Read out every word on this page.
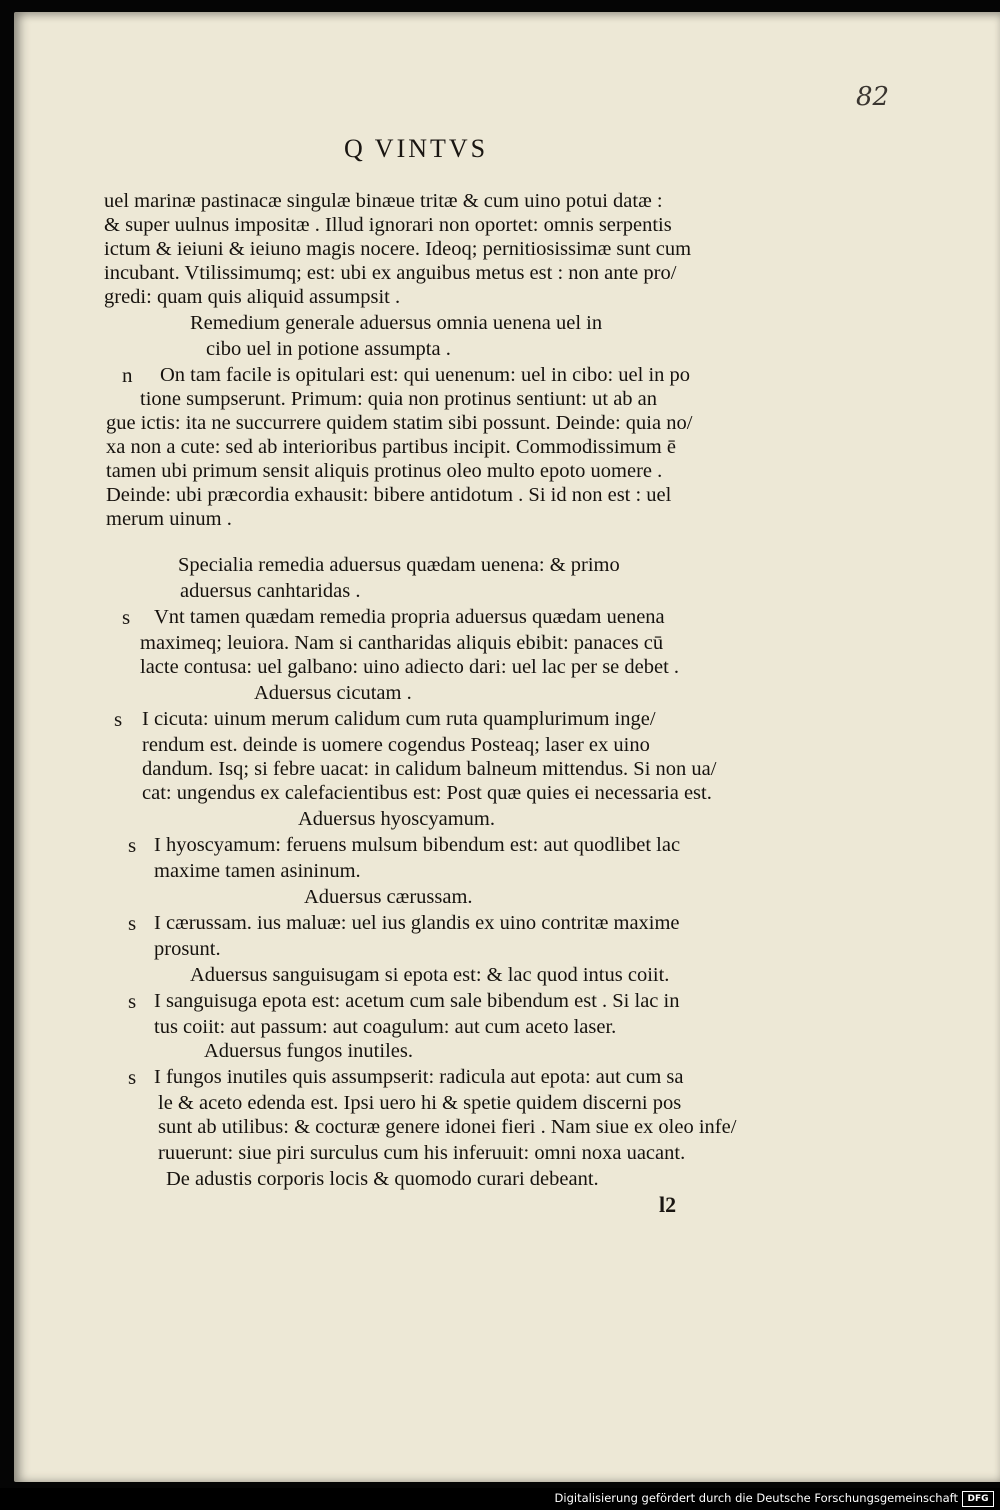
82
Q VINTVS
uel marinæ pastinacæ singulæ binæue tritæ & cum uino potui datæ :
& super uulnus impositæ . Illud ignorari non oportet: omnis serpentis
ictum & ieiuni & ieiuno magis nocere. Ideoq; pernitiosissimæ sunt cum
incubant. Vtilissimumq; est: ubi ex anguibus metus est : non ante pro/
gredi: quam quis aliquid assumpsit .
Remedium generale aduersus omnia uenena uel in
cibo uel in potione assumpta .
n On tam facile is opitulari est: qui uenenum: uel in cibo: uel in po
tione sumpserunt. Primum: quia non protinus sentiunt: ut ab an
gue ictis: ita ne succurrere quidem statim sibi possunt. Deinde: quia no/
xa non a cute: sed ab interioribus partibus incipit. Commodissimum ē
tamen ubi primum sensit aliquis protinus oleo multo epoto uomere .
Deinde: ubi præcordia exhausit: bibere antidotum . Si id non est : uel
merum uinum .
Specialia remedia aduersus quædam uenena: & primo
aduersus canhtaridas .
s Vnt tamen quædam remedia propria aduersus quædam uenena
maximeq; leuiora. Nam si cantharidas aliquis ebibit: panaces cū
lacte contusa: uel galbano: uino adiecto dari: uel lac per se debet .
Aduersus cicutam .
s I cicuta: uinum merum calidum cum ruta quamplurimum inge/
rendum est. deinde is uomere cogendus Posteaq; laser ex uino
dandum. Isq; si febre uacat: in calidum balneum mittendus. Si non ua/
cat: ungendus ex calefacientibus est: Post quæ quies ei necessaria est.
Aduersus hyoscyamum.
s I hyoscyamum: feruens mulsum bibendum est: aut quodlibet lac
maxime tamen asininum.
Aduersus cærussam.
s I cærussam. ius maluæ: uel ius glandis ex uino contritæ maxime
prosunt.
Aduersus sanguisugam si epota est: & lac quod intus coiit.
s I sanguisuga epota est: acetum cum sale bibendum est . Si lac in
tus coiit: aut passum: aut coagulum: aut cum aceto laser.
Aduersus fungos inutiles.
s I fungos inutiles quis assumpserit: radicula aut epota: aut cum sa
le & aceto edenda est. Ipsi uero hi & spetie quidem discerni pos
sunt ab utilibus: & cocturæ genere idonei fieri . Nam siue ex oleo infe/
ruuerunt: siue piri surculus cum his inferuuit: omni noxa uacant.
De adustis corporis locis & quomodo curari debeant.
l2
Digitalisierung gefördert durch die Deutsche Forschungsgemeinschaft	DFG
